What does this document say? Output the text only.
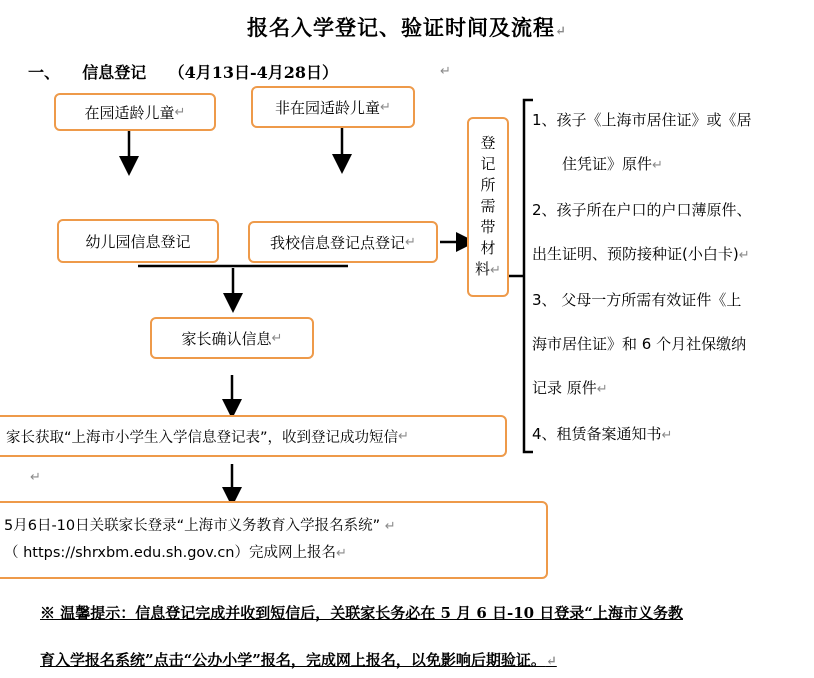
报名入学登记、验证时间及流程↵
一、 信息登记 （4月13日-4月28日）	↵
在园适龄儿童 ↵	非在园适龄儿童 ↵
幼儿园信息登记	我校信息登记点登记 ↵
登
记
所
需
带
材
料↵

1、孩子《上海市居住证》或《居

　　住凭证》原件↵

2、孩子所在户口的户口薄原件、

出生证明、预防接种证(小白卡)↵

3、 父母一方所需有效证件《上

海市居住证》和 6 个月社保缴纳

记录 原件↵

4、租赁备案通知书↵

家长确认信息 ↵
家长获取“上海市小学生入学信息登记表”，收到登记成功短信 ↵
↵
5月6日-10日关联家长登录“上海市义务教育入学报名系统” ↵
（ https://shrxbm.edu.sh.gov.cn）完成网上报名↵
※ 温馨提示：信息登记完成并收到短信后，关联家长务必在 5 月 6 日-10 日登录“上海市义务教
育入学报名系统”点击“公办小学”报名，完成网上报名，以免影响后期验证。↵
